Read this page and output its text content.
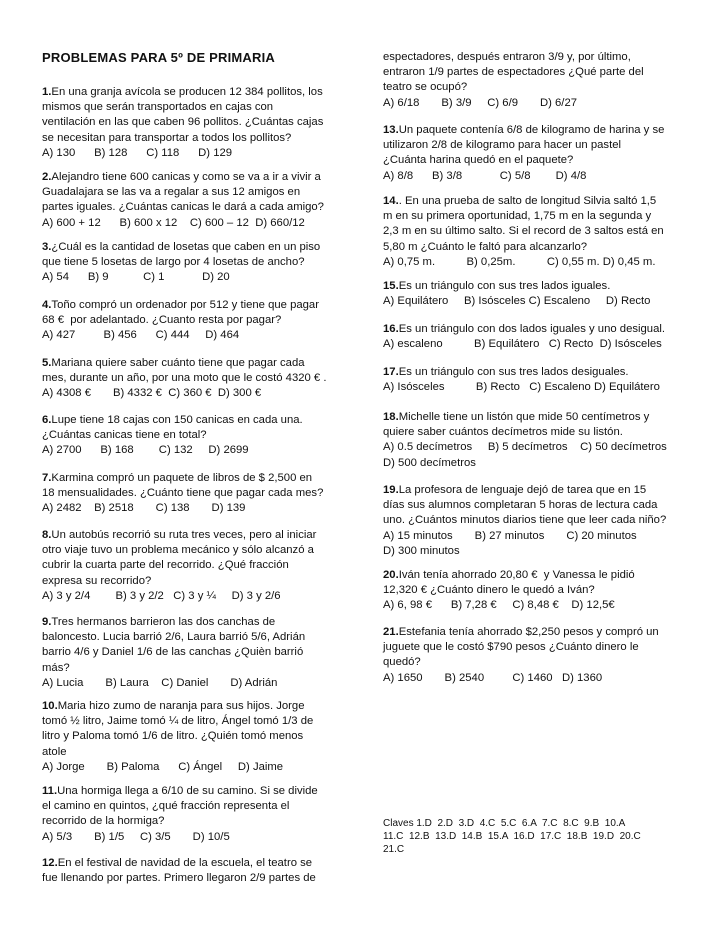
PROBLEMAS PARA 5º DE PRIMARIA
1.En una granja avícola se producen 12 384 pollitos, los
mismos que serán transportados en cajas con
ventilación en las que caben 96 pollitos. ¿Cuántas cajas
se necesitan para transportar a todos los pollitos?
A) 130      B) 128      C) 118      D) 129
2.Alejandro tiene 600 canicas y como se va a ir a vivir a
Guadalajara se las va a regalar a sus 12 amigos en
partes iguales. ¿Cuántas canicas le dará a cada amigo?
A) 600 + 12      B) 600 x 12    C) 600 – 12  D) 660/12
3.¿Cuál es la cantidad de losetas que caben en un piso
que tiene 5 losetas de largo por 4 losetas de ancho?
A) 54      B) 9           C) 1            D) 20
4.Toño compró un ordenador por 512 y tiene que pagar
68 €  por adelantado. ¿Cuanto resta por pagar?
A) 427         B) 456      C) 444     D) 464
5.Mariana quiere saber cuánto tiene que pagar cada
mes, durante un año, por una moto que le costó 4320 € .
A) 4308 €       B) 4332 €  C) 360 €  D) 300 €
6.Lupe tiene 18 cajas con 150 canicas en cada una.
¿Cuántas canicas tiene en total?
A) 2700      B) 168        C) 132     D) 2699
7.Karmina compró un paquete de libros de $ 2,500 en
18 mensualidades. ¿Cuánto tiene que pagar cada mes?
A) 2482    B) 2518       C) 138       D) 139
8.Un autobús recorrió su ruta tres veces, pero al iniciar
otro viaje tuvo un problema mecánico y sólo alcanzó a
cubrir la cuarta parte del recorrido. ¿Qué fracción
expresa su recorrido?
A) 3 y 2/4        B) 3 y 2/2   C) 3 y ¼     D) 3 y 2/6
9.Tres hermanos barrieron las dos canchas de
baloncesto. Lucia barrió 2/6, Laura barrió 5/6, Adrián
barrio 4/6 y Daniel 1/6 de las canchas ¿Quièn barrió
más?
A) Lucia       B) Laura    C) Daniel       D) Adrián
10.Maria hizo zumo de naranja para sus hijos. Jorge
tomó ½ litro, Jaime tomó ¼ de litro, Ángel tomó 1/3 de
litro y Paloma tomó 1/6 de litro. ¿Quién tomó menos
atole
A) Jorge       B) Paloma      C) Ángel     D) Jaime
11.Una hormiga llega a 6/10 de su camino. Si se divide
el camino en quintos, ¿qué fracción representa el
recorrido de la hormiga?
A) 5/3       B) 1/5     C) 3/5       D) 10/5
12.En el festival de navidad de la escuela, el teatro se
fue llenando por partes. Primero llegaron 2/9 partes de
espectadores, después entraron 3/9 y, por último,
entraron 1/9 partes de espectadores ¿Qué parte del
teatro se ocupó?
A) 6/18       B) 3/9     C) 6/9       D) 6/27
13.Un paquete contenía 6/8 de kilogramo de harina y se
utilizaron 2/8 de kilogramo para hacer un pastel
¿Cuánta harina quedó en el paquete?
A) 8/8      B) 3/8            C) 5/8        D) 4/8
14.. En una prueba de salto de longitud Silvia saltó 1,5
m en su primera oportunidad, 1,75 m en la segunda y
2,3 m en su último salto. Si el record de 3 saltos está en
5,80 m ¿Cuánto le faltó para alcanzarlo?
A) 0,75 m.          B) 0,25m.          C) 0,55 m. D) 0,45 m.
15.Es un triángulo con sus tres lados iguales.
A) Equilátero     B) Isósceles C) Escaleno     D) Recto
16.Es un triángulo con dos lados iguales y uno desigual.
A) escaleno          B) Equilátero   C) Recto  D) Isósceles
17.Es un triángulo con sus tres lados desiguales.
A) Isósceles          B) Recto   C) Escaleno D) Equilátero
18.Michelle tiene un listón que mide 50 centímetros y
quiere saber cuántos decímetros mide su listón.
A) 0.5 decímetros     B) 5 decímetros    C) 50 decímetros
D) 500 decímetros
19.La profesora de lenguaje dejó de tarea que en 15
días sus alumnos completaran 5 horas de lectura cada
uno. ¿Cuántos minutos diarios tiene que leer cada niño?
A) 15 minutos       B) 27 minutos       C) 20 minutos
D) 300 minutos
20.Iván tenía ahorrado 20,80 €  y Vanessa le pidió
12,320 € ¿Cuánto dinero le quedó a Iván?
A) 6, 98 €      B) 7,28 €     C) 8,48 €    D) 12,5€
21.Estefania tenía ahorrado $2,250 pesos y compró un
juguete que le costó $790 pesos ¿Cuánto dinero le
quedó?
A) 1650       B) 2540         C) 1460   D) 1360
Claves 1.D  2.D  3.D  4.C  5.C  6.A  7.C  8.C  9.B  10.A
11.C  12.B  13.D  14.B  15.A  16.D  17.C  18.B  19.D  20.C
21.C
